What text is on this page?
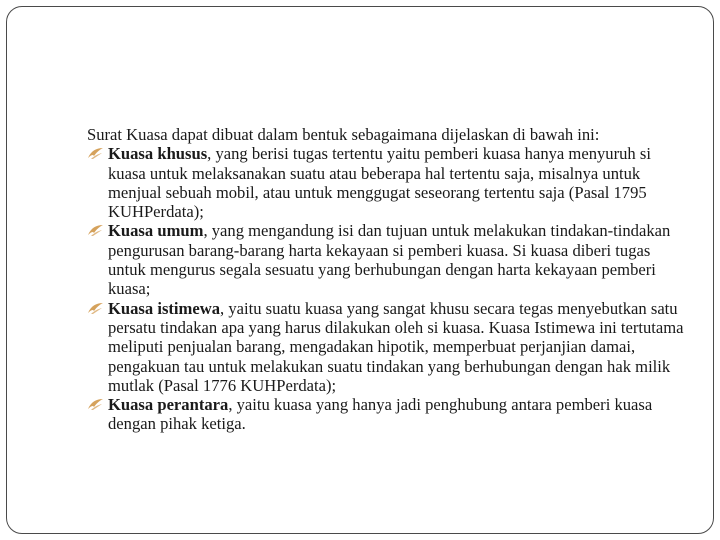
Surat Kuasa dapat dibuat dalam bentuk sebagaimana dijelaskan di bawah ini:

Kuasa khusus, yang berisi tugas tertentu yaitu pemberi kuasa hanya menyuruh si kuasa untuk melaksanakan suatu atau beberapa hal tertentu saja, misalnya untuk menjual sebuah mobil, atau untuk menggugat seseorang tertentu saja (Pasal 1795 KUHPerdata);
Kuasa umum, yang mengandung isi dan tujuan untuk melakukan tindakan-tindakan pengurusan barang-barang harta kekayaan si pemberi kuasa. Si kuasa diberi tugas untuk mengurus segala sesuatu yang berhubungan dengan harta kekayaan pemberi kuasa;
Kuasa istimewa, yaitu suatu kuasa yang sangat khusu secara tegas menyebutkan satu persatu tindakan apa yang harus dilakukan oleh si kuasa. Kuasa Istimewa ini tertutama meliputi penjualan barang, mengadakan hipotik, memperbuat perjanjian damai, pengakuan tau untuk melakukan suatu tindakan yang berhubungan dengan hak milik mutlak (Pasal 1776 KUHPerdata);
Kuasa perantara, yaitu kuasa yang hanya jadi penghubung antara pemberi kuasa dengan pihak ketiga.
